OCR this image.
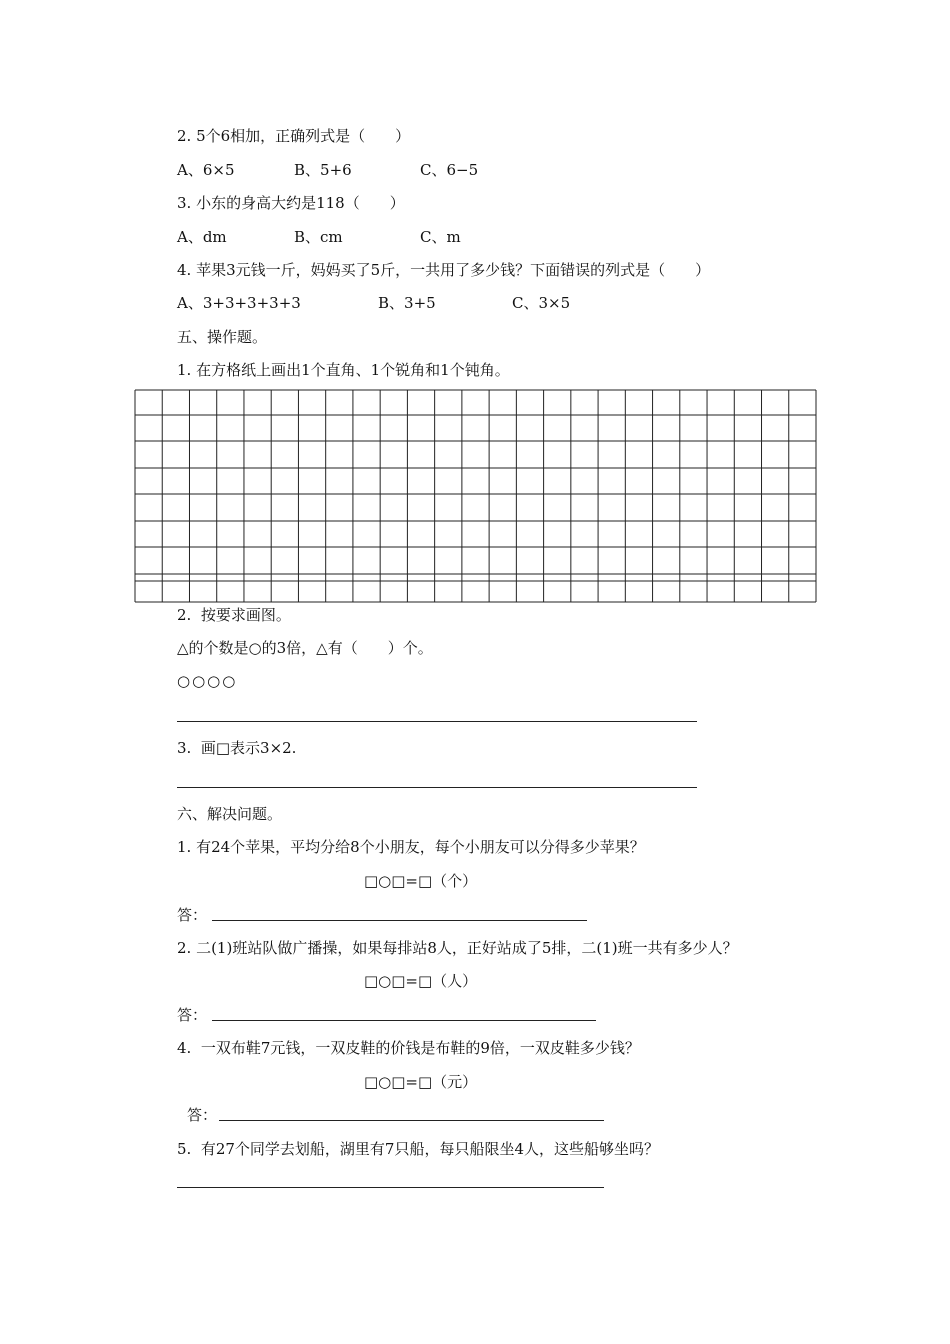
2. 5个6相加，正确列式是（　　）

A、6×5	B、5+6	C、6−5

3. 小东的身高大约是118（　　）

A、dm	B、cm	C、m

4. 苹果3元钱一斤，妈妈买了5斤，一共用了多少钱？下面错误的列式是（　　）

A、3+3+3+3+3	B、3+5	C、3×5

五、操作题。

1. 在方格纸上画出1个直角、1个锐角和1个钝角。

2.  按要求画图。

△的个数是○的3倍，△有（　　）个。

○○○○

3.  画□表示3×2.

六、解决问题。

1. 有24个苹果，平均分给8个小朋友，每个小朋友可以分得多少苹果？

□○□=□（个）
答：

2. 二(1)班站队做广播操，如果每排站8人，正好站成了5排，二(1)班一共有多少人？

□○□=□（人）
答：

4.  一双布鞋7元钱，一双皮鞋的价钱是布鞋的9倍，一双皮鞋多少钱？

□○□=□（元）
答：

5.  有27个同学去划船，湖里有7只船，每只船限坐4人，这些船够坐吗？
